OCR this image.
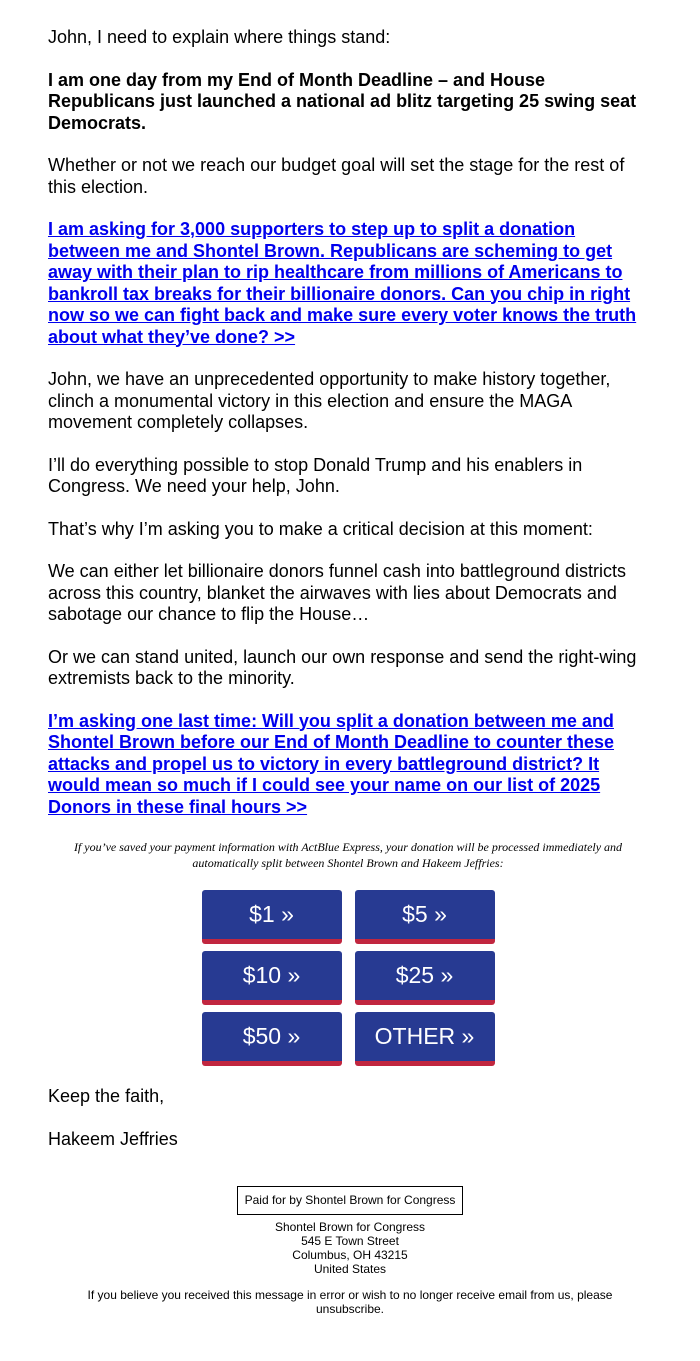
John, I need to explain where things stand:

I am one day from my End of Month Deadline – and House Republicans just launched a national ad blitz targeting 25 swing seat Democrats.

Whether or not we reach our budget goal will set the stage for the rest of this election.

I am asking for 3,000 supporters to step up to split a donation between me and Shontel Brown. Republicans are scheming to get away with their plan to rip healthcare from millions of Americans to bankroll tax breaks for their billionaire donors. Can you chip in right now so we can fight back and make sure every voter knows the truth about what they’ve done? >>

John, we have an unprecedented opportunity to make history together, clinch a monumental victory in this election and ensure the MAGA movement completely collapses.

I’ll do everything possible to stop Donald Trump and his enablers in Congress. We need your help, John.

That’s why I’m asking you to make a critical decision at this moment:

We can either let billionaire donors funnel cash into battleground districts across this country, blanket the airwaves with lies about Democrats and sabotage our chance to flip the House…

Or we can stand united, launch our own response and send the right-wing extremists back to the minority.

I’m asking one last time: Will you split a donation between me and Shontel Brown before our End of Month Deadline to counter these attacks and propel us to victory in every battleground district? It would mean so much if I could see your name on our list of 2025 Donors in these final hours >>

If you’ve saved your payment information with ActBlue Express, your donation will be processed immediately and automatically split between Shontel Brown and Hakeem Jeffries:

$1 »	$5 »
$10 »	$25 »
$50 »	OTHER »

Keep the faith,

Hakeem Jeffries

Paid for by Shontel Brown for Congress
Shontel Brown for Congress
545 E Town Street
Columbus, OH 43215
United States
If you believe you received this message in error or wish to no longer receive email from us, please unsubscribe.
